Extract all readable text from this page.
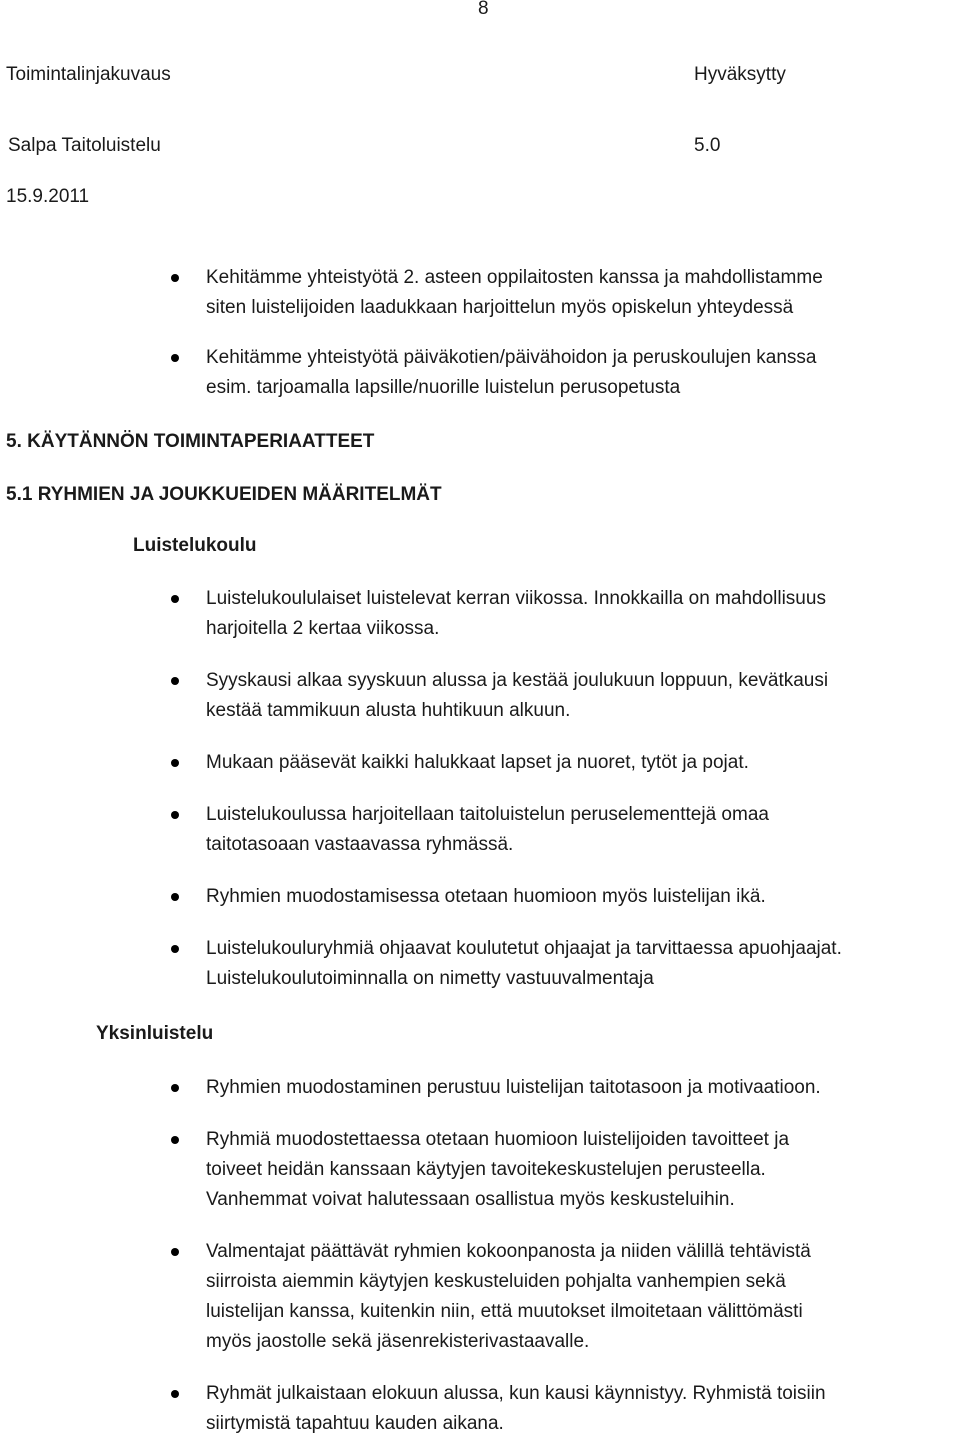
8
Toimintalinjakuvaus	Hyväksytty
Salpa Taitoluistelu	5.0
15.9.2011
Kehitämme yhteistyötä 2. asteen oppilaitosten kanssa ja mahdollistamme
siten luistelijoiden laadukkaan harjoittelun myös opiskelun yhteydessä
Kehitämme yhteistyötä päiväkotien/päivähoidon ja peruskoulujen kanssa
esim. tarjoamalla lapsille/nuorille luistelun perusopetusta
5. KÄYTÄNNÖN TOIMINTAPERIAATTEET
5.1 RYHMIEN JA JOUKKUEIDEN MÄÄRITELMÄT
Luistelukoulu
Luistelukoululaiset luistelevat kerran viikossa. Innokkailla on mahdollisuus
harjoitella 2 kertaa viikossa.
Syyskausi alkaa syyskuun alussa ja kestää joulukuun loppuun, kevätkausi
kestää tammikuun alusta huhtikuun alkuun.
Mukaan pääsevät kaikki halukkaat lapset ja nuoret, tytöt ja pojat.
Luistelukoulussa harjoitellaan taitoluistelun peruselementtejä omaa
taitotasoaan vastaavassa ryhmässä.
Ryhmien muodostamisessa otetaan huomioon myös luistelijan ikä.
Luistelukouluryhmiä ohjaavat koulutetut ohjaajat ja tarvittaessa apuohjaajat.
Luistelukoulutoiminnalla on nimetty vastuuvalmentaja
Yksinluistelu
Ryhmien muodostaminen perustuu luistelijan taitotasoon ja motivaatioon.
Ryhmiä muodostettaessa otetaan huomioon luistelijoiden tavoitteet ja
toiveet heidän kanssaan käytyjen tavoitekeskustelujen perusteella.
Vanhemmat voivat halutessaan osallistua myös keskusteluihin.
Valmentajat päättävät ryhmien kokoonpanosta ja niiden välillä tehtävistä
siirroista aiemmin käytyjen keskusteluiden pohjalta vanhempien sekä
luistelijan kanssa, kuitenkin niin, että muutokset ilmoitetaan välittömästi
myös jaostolle sekä jäsenrekisterivastaavalle.
Ryhmät julkaistaan elokuun alussa, kun kausi käynnistyy. Ryhmistä toisiin
siirtymistä tapahtuu kauden aikana.
